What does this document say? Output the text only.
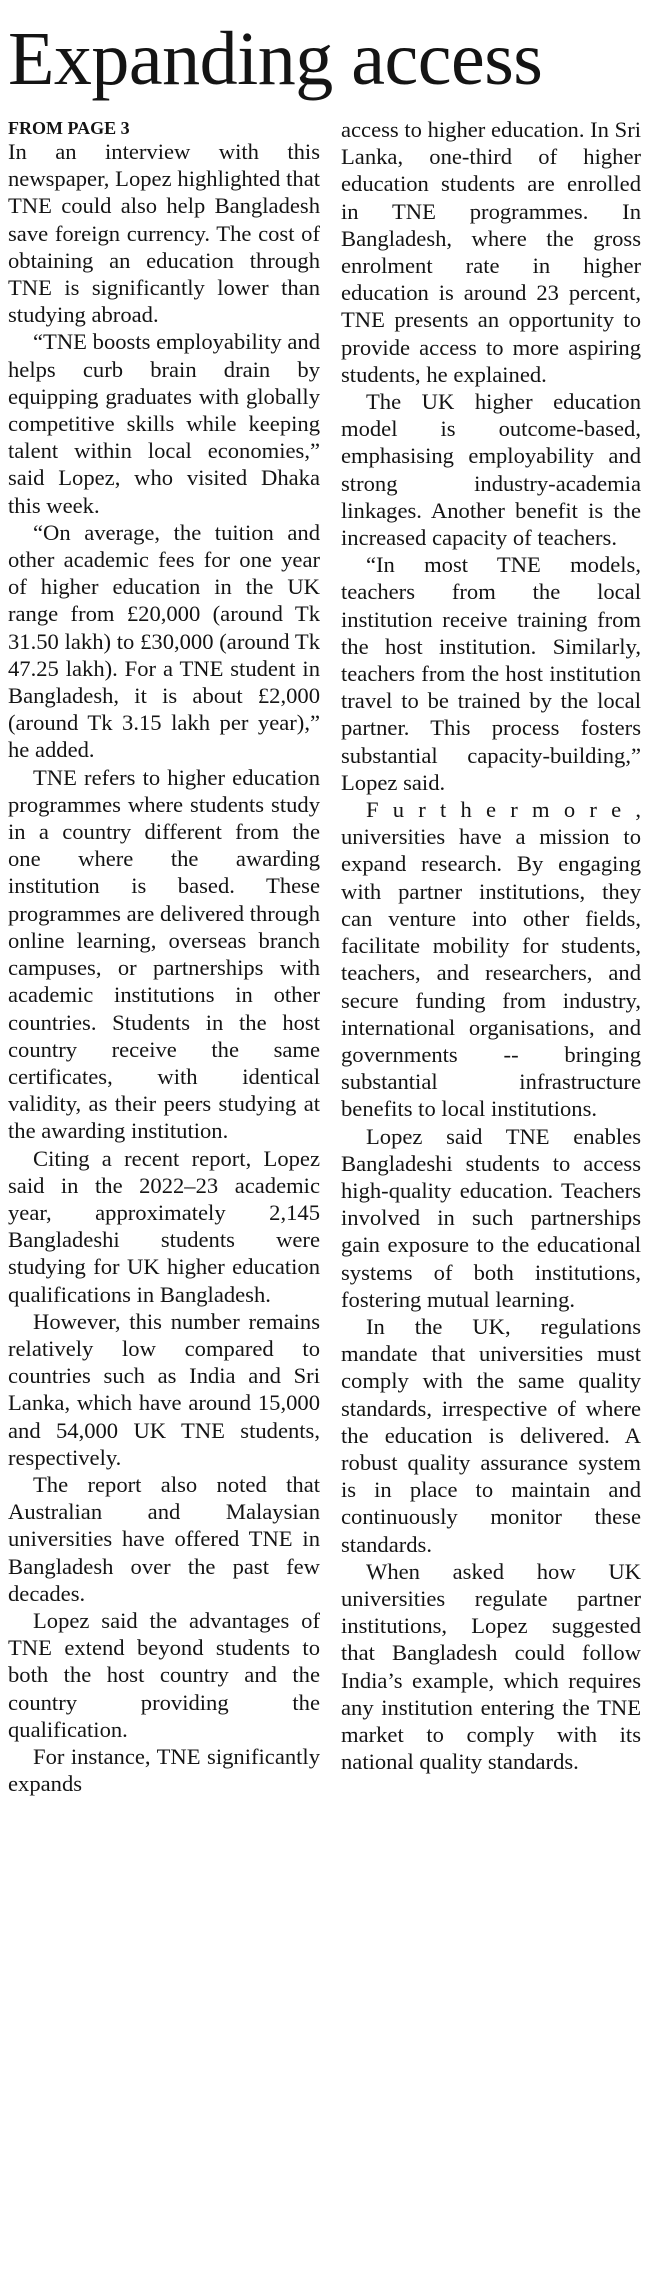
Expanding access
FROM PAGE 3

In an interview with this newspaper, Lopez highlighted that TNE could also help Bangladesh save foreign currency. The cost of obtaining an education through TNE is significantly lower than studying abroad.

“TNE boosts employability and helps curb brain drain by equipping graduates with globally competitive skills while keeping talent within local economies,” said Lopez, who visited Dhaka this week.

“On average, the tuition and other academic fees for one year of higher education in the UK range from £20,000 (around Tk 31.50 lakh) to £30,000 (around Tk 47.25 lakh). For a TNE student in Bangladesh, it is about £2,000 (around Tk 3.15 lakh per year),” he added.

TNE refers to higher education programmes where students study in a country different from the one where the awarding institution is based. These programmes are delivered through online learning, overseas branch campuses, or partnerships with academic institutions in other countries. Students in the host country receive the same certificates, with identical validity, as their peers studying at the awarding institution.

Citing a recent report, Lopez said in the 2022–23 academic year, approximately 2,145 Bangladeshi students were studying for UK higher education qualifications in Bangladesh.

However, this number remains relatively low compared to countries such as India and Sri Lanka, which have around 15,000 and 54,000 UK TNE students, respectively.

The report also noted that Australian and Malaysian universities have offered TNE in Bangladesh over the past few decades.

Lopez said the advantages of TNE extend beyond students to both the host country and the country providing the qualification.

For instance, TNE significantly expands

access to higher education. In Sri Lanka, one-third of higher education students are enrolled in TNE programmes. In Bangladesh, where the gross enrolment rate in higher education is around 23 percent, TNE presents an opportunity to provide access to more aspiring students, he explained.

The UK higher education model is outcome-based, emphasising employability and strong industry-academia linkages. Another benefit is the increased capacity of teachers.

“In most TNE models, teachers from the local institution receive training from the host institution. Similarly, teachers from the host institution travel to be trained by the local partner. This process fosters substantial capacity-building,” Lopez said.

F u r t h e r m o r e , universities have a mission to expand research. By engaging with partner institutions, they can venture into other fields, facilitate mobility for students, teachers, and researchers, and secure funding from industry, international organisations, and governments -- bringing substantial infrastructure benefits to local institutions.

Lopez said TNE enables Bangladeshi students to access high-quality education. Teachers involved in such partnerships gain exposure to the educational systems of both institutions, fostering mutual learning.

In the UK, regulations mandate that universities must comply with the same quality standards, irrespective of where the education is delivered. A robust quality assurance system is in place to maintain and continuously monitor these standards.

When asked how UK universities regulate partner institutions, Lopez suggested that Bangladesh could follow India’s example, which requires any institution entering the TNE market to comply with its national quality standards.
